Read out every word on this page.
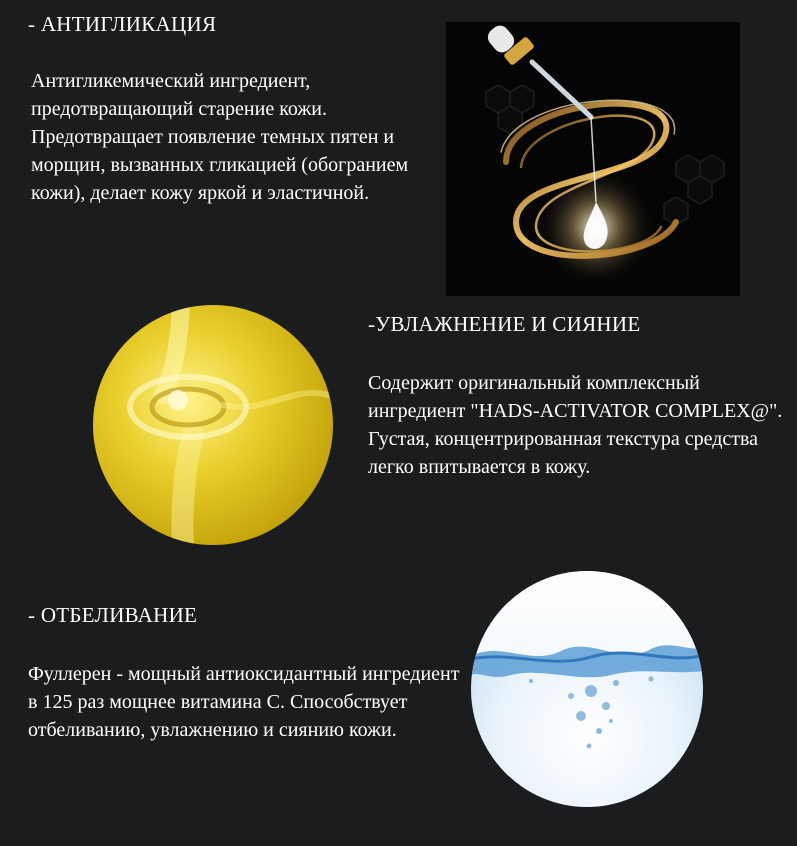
- АНТИГЛИКАЦИЯ

Антигликемический ингредиент, предотвращающий старение кожи. Предотвращает появление темных пятен и морщин, вызванных гликацией (обогранием кожи), делает кожу яркой и эластичной.

-УВЛАЖНЕНИЕ И СИЯНИЕ

Содержит оригинальный комплексный ингредиент "HADS-ACTIVATOR COMPLEX@".

Густая, концентрированная текстура средства легко впитывается в кожу.

- ОТБЕЛИВАНИЕ

Фуллерен - мощный антиоксидантный ингредиент в 125 раз мощнее витамина С. Способствует отбеливанию, увлажнению и сиянию кожи.
